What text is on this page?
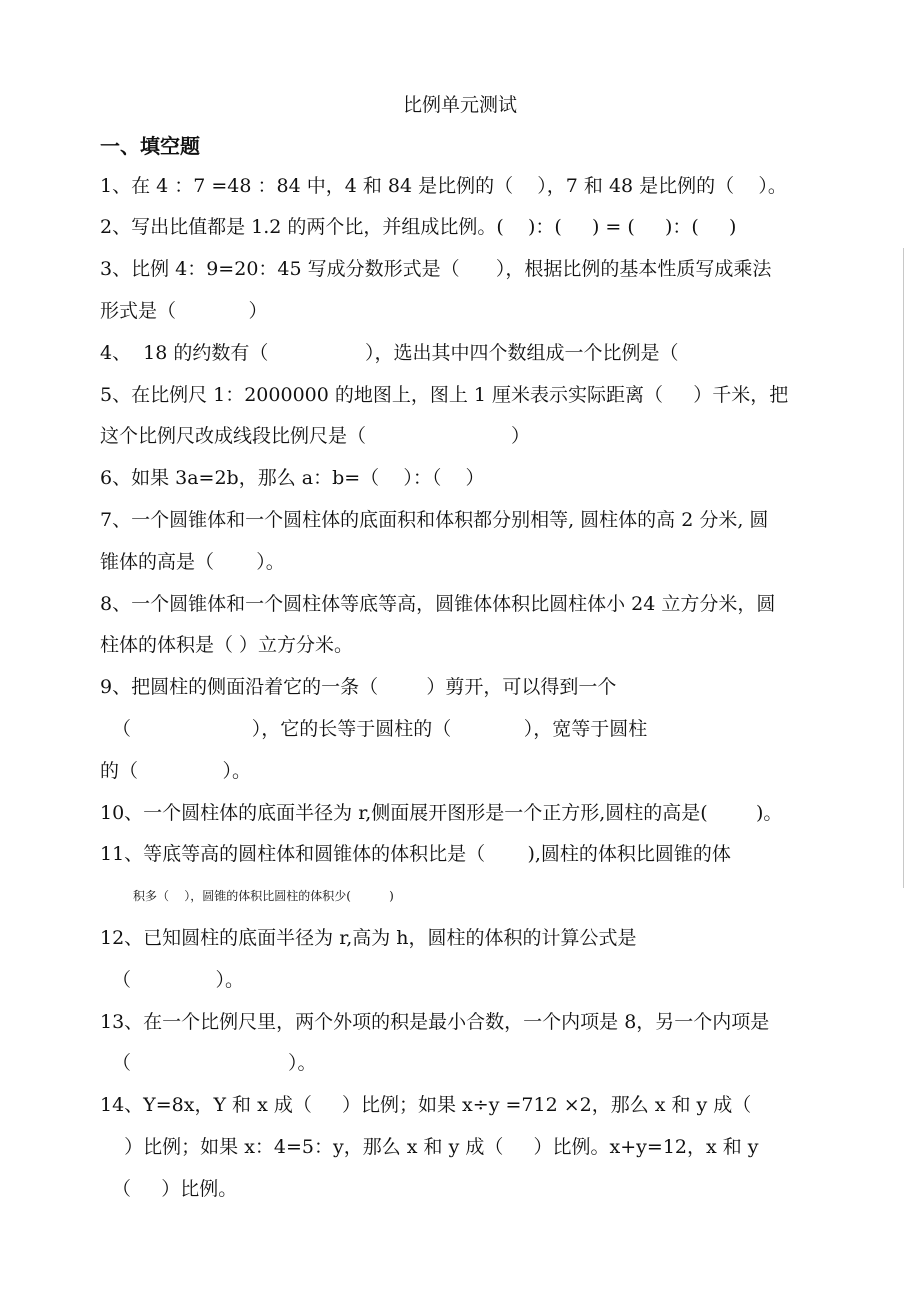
比例单元测试
一、填空题
1、在 4 ：7 =48 ：84 中，4 和 84 是比例的（    ），7 和 48 是比例的（    ）。
2、写出比值都是 1.2 的两个比，并组成比例。(    )：(     ) = (     )：(     )
3、比例 4：9=20：45 写成分数形式是（      ），根据比例的基本性质写成乘法
形式是（            ）
4、  18 的约数有（                ），选出其中四个数组成一个比例是（
5、在比例尺 1：2000000 的地图上，图上 1 厘米表示实际距离（     ）千米，把
这个比例尺改成线段比例尺是（                        ）
6、如果 3a=2b，那么 a：b=（    ）：（    ）
7、一个圆锥体和一个圆柱体的底面积和体积都分别相等, 圆柱体的高 2 分米, 圆
锥体的高是（       ）。
8、一个圆锥体和一个圆柱体等底等高，圆锥体体积比圆柱体小 24 立方分米，圆
柱体的体积是（ ）立方分米。
9、把圆柱的侧面沿着它的一条（        ）剪开，可以得到一个
（                    ），它的长等于圆柱的（            ），宽等于圆柱
的（              ）。
10、一个圆柱体的底面半径为 r,侧面展开图形是一个正方形,圆柱的高是(        )。
11、等底等高的圆柱体和圆锥体的体积比是（       ),圆柱的体积比圆锥的体
积多（    ），圆锥的体积比圆柱的体积少(          )
12、已知圆柱的底面半径为 r,高为 h，圆柱的体积的计算公式是
（              ）。
13、在一个比例尺里，两个外项的积是最小合数，一个内项是 8，另一个内项是
（                          ）。
14、Y=8x，Y 和 x 成（     ）比例；如果 x÷y =712 ×2，那么 x 和 y 成（
）比例；如果 x：4=5：y，那么 x 和 y 成（     ）比例。x+y=12，x 和 y
（     ）比例。
